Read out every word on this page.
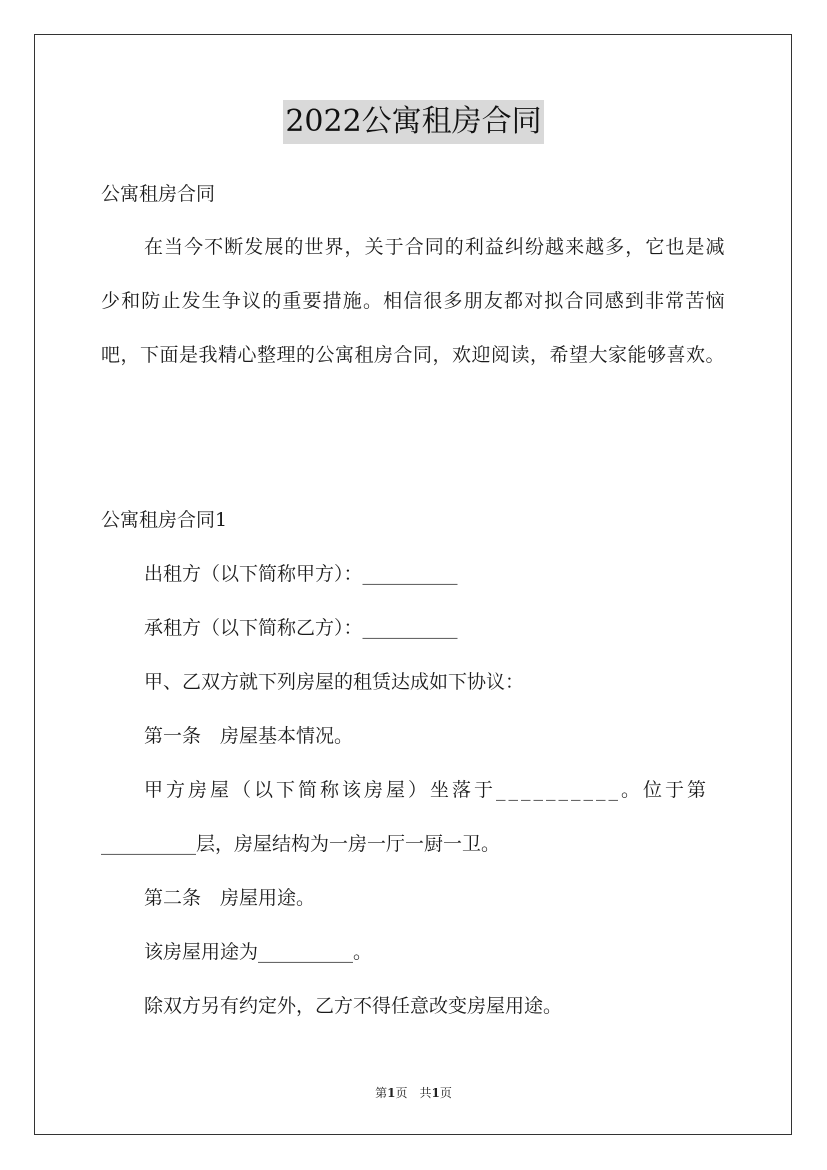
2022公寓租房合同
公寓租房合同
在当今不断发展的世界，关于合同的利益纠纷越来越多，它也是减少和防止发生争议的重要措施。相信很多朋友都对拟合同感到非常苦恼吧，下面是我精心整理的公寓租房合同，欢迎阅读，希望大家能够喜欢。
公寓租房合同1
出租方（以下简称甲方）：__________
承租方（以下简称乙方）：__________
甲、乙双方就下列房屋的租赁达成如下协议：
第一条　房屋基本情况。
甲方房屋（以下简称该房屋）坐落于__________。位于第
__________层，房屋结构为一房一厅一厨一卫。
第二条　房屋用途。
该房屋用途为__________。
除双方另有约定外，乙方不得任意改变房屋用途。
第1页　共1页
